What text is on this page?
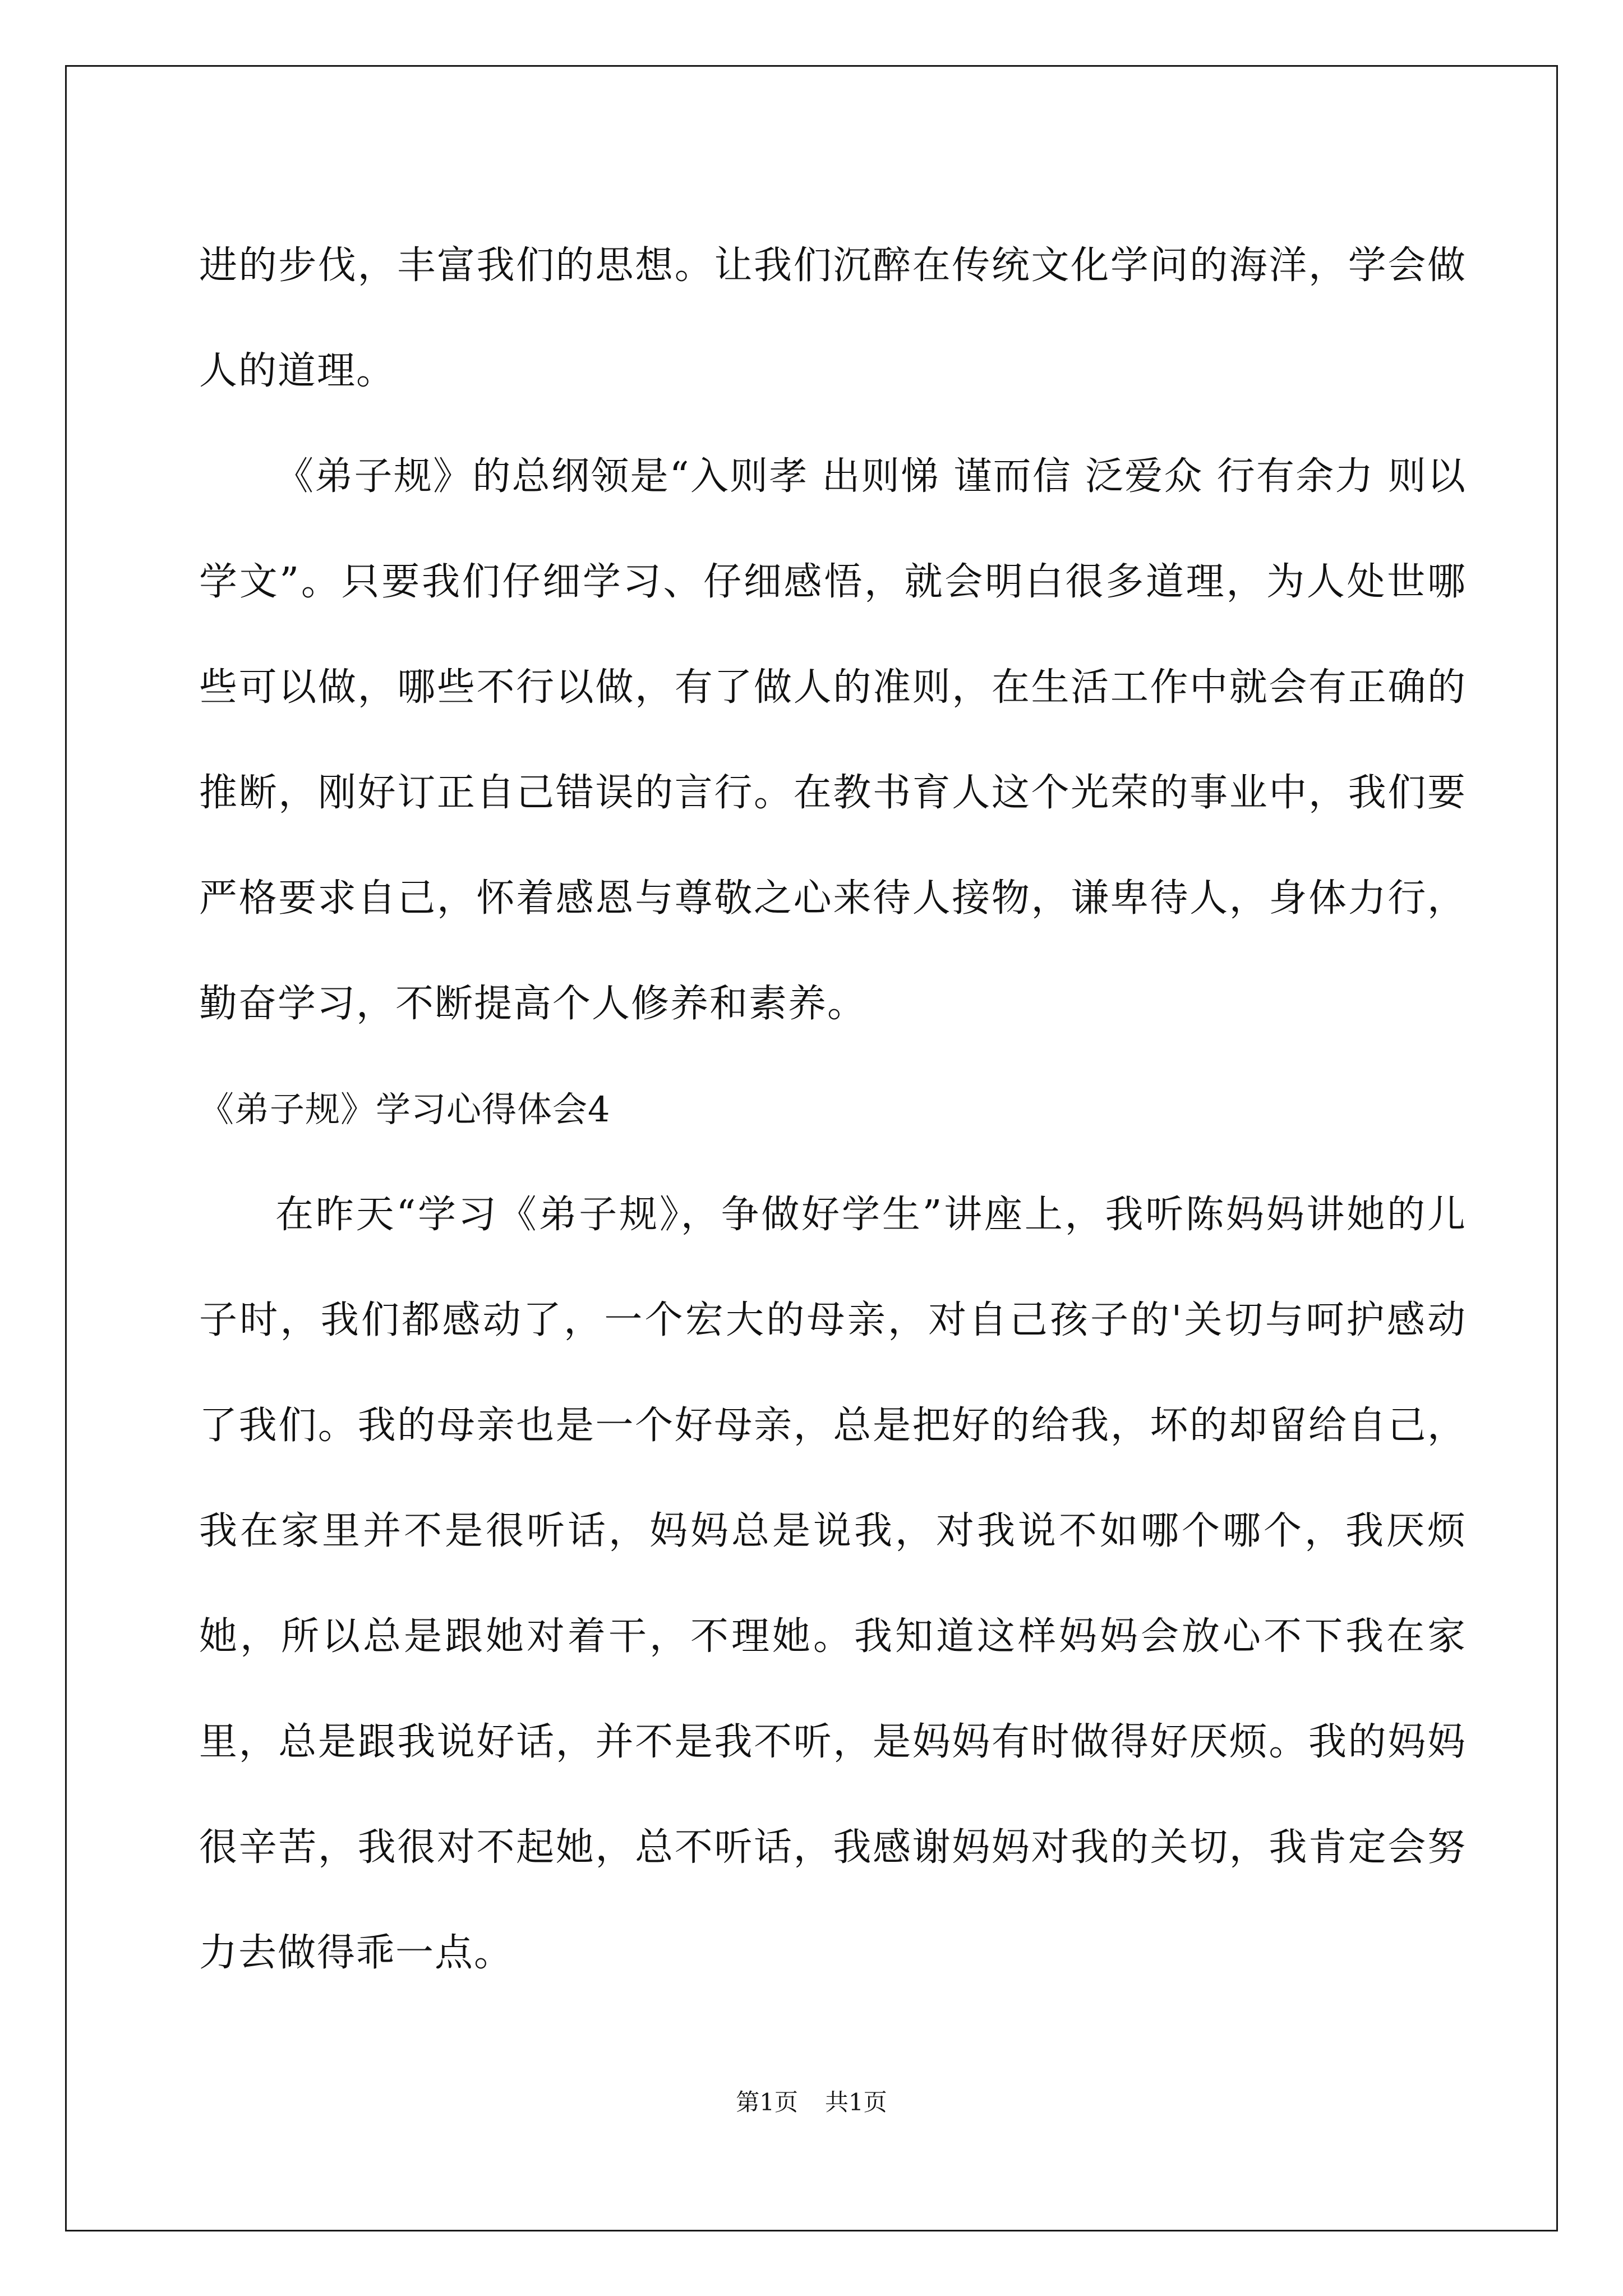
进的步伐，丰富我们的思想。让我们沉醉在传统文化学问的海洋，学会做人的道理。

《弟子规》的总纲领是“入则孝 出则悌 谨而信 泛爱众 行有余力 则以学文”。只要我们仔细学习、仔细感悟，就会明白很多道理，为人处世哪些可以做，哪些不行以做，有了做人的准则，在生活工作中就会有正确的推断，刚好订正自己错误的言行。在教书育人这个光荣的事业中，我们要严格要求自己，怀着感恩与尊敬之心来待人接物，谦卑待人，身体力行，勤奋学习，不断提高个人修养和素养。

《弟子规》学习心得体会4

在昨天“学习《弟子规》，争做好学生”讲座上，我听陈妈妈讲她的儿子时，我们都感动了，一个宏大的母亲，对自己孩子的'关切与呵护感动了我们。我的母亲也是一个好母亲，总是把好的给我，坏的却留给自己，我在家里并不是很听话，妈妈总是说我，对我说不如哪个哪个，我厌烦她，所以总是跟她对着干，不理她。我知道这样妈妈会放心不下我在家里，总是跟我说好话，并不是我不听，是妈妈有时做得好厌烦。我的妈妈很辛苦，我很对不起她，总不听话，我感谢妈妈对我的关切，我肯定会努力去做得乖一点。

第1页 共1页
